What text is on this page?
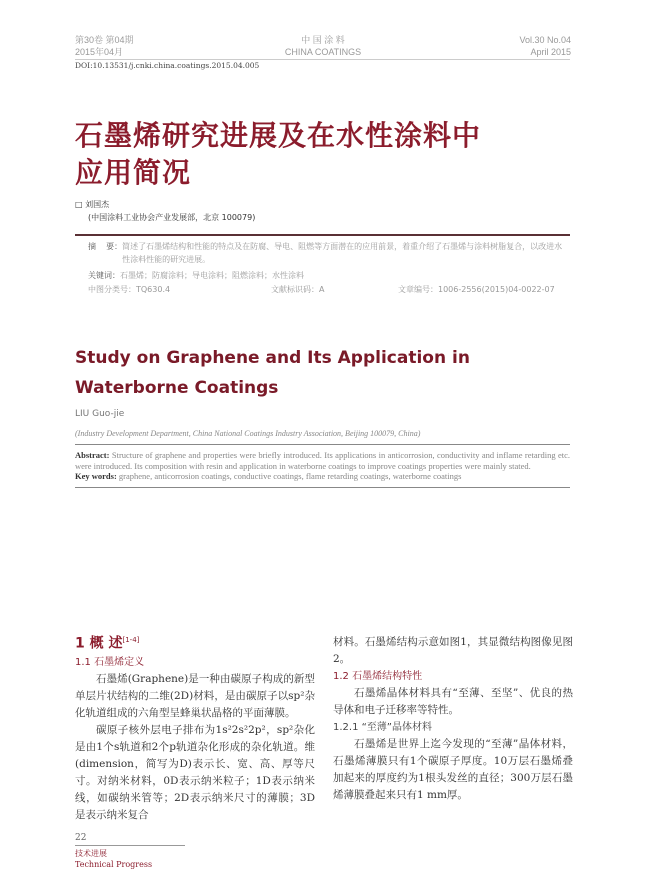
第30卷 第04期
2015年04月
中 国 涂 料
CHINA COATINGS
Vol.30 No.04
April 2015
DOI:10.13531/j.cnki.china.coatings.2015.04.005
石墨烯研究进展及在水性涂料中
应用简况
□ 刘国杰
(中国涂料工业协会产业发展部，北京 100079)
摘    要： 简述了石墨烯结构和性能的特点及在防腐、导电、阻燃等方面潜在的应用前景，着重介绍了石墨烯与涂料树脂复合，以改进水性涂料性能的研究进展。
关键词：石墨烯；防腐涂料；导电涂料；阻燃涂料；水性涂料
中图分类号：TQ630.4	文献标识码：A	文章编号：1006-2556(2015)04-0022-07
Study on Graphene and Its Application in
Waterborne Coatings
LIU Guo-jie
(Industry Development Department, China National Coatings Industry Association, Beijing 100079, China)
Abstract: Structure of graphene and properties were briefly introduced. Its applications in anticorrosion, conductivity and inflame retarding etc. were introduced. Its composition with resin and application in waterborne coatings to improve coatings properties were mainly stated.
Key words: graphene, anticorrosion coatings, conductive coatings, flame retarding coatings, waterborne coatings
1 概 述[1-4]
1.1 石墨烯定义

石墨烯(Graphene)是一种由碳原子构成的新型单层片状结构的二维(2D)材料，是由碳原子以sp²杂化轨道组成的六角型呈蜂巢状晶格的平面薄膜。

碳原子核外层电子排布为1s²2s²2p²，sp²杂化是由1个s轨道和2个p轨道杂化形成的杂化轨道。维(dimension，简写为D)表示长、宽、高、厚等尺寸。对纳米材料，0D表示纳米粒子；1D表示纳米线，如碳纳米管等；2D表示纳米尺寸的薄膜；3D是表示纳米复合

22
技术进展
Technical Progress

材料。石墨烯结构示意如图1，其显微结构图像见图2。

1.2 石墨烯结构特性

石墨烯晶体材料具有“至薄、至坚”、优良的热导体和电子迁移率等特性。

1.2.1 “至薄”晶体材料

石墨烯是世界上迄今发现的“至薄”晶体材料，石墨烯薄膜只有1个碳原子厚度。10万层石墨烯叠加起来的厚度约为1根头发丝的直径；300万层石墨烯薄膜叠起来只有1 mm厚。
